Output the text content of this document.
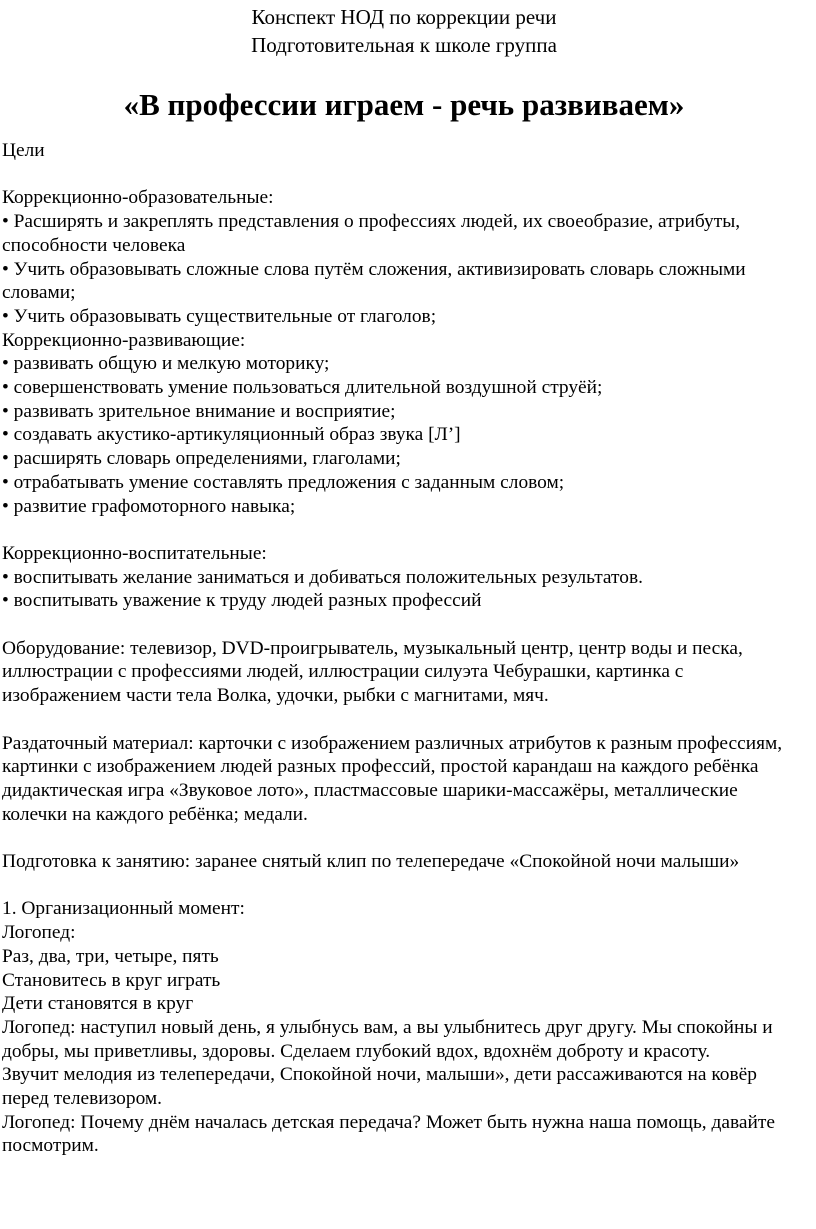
Конспект НОД по коррекции речи

Подготовительная к школе группа

«В профессии играем - речь развиваем»

Цели

Коррекционно-образовательные:

• Расширять и закреплять представления о профессиях людей, их своеобразие, атрибуты, способности человека

• Учить образовывать сложные слова путём сложения, активизировать словарь сложными словами;

• Учить образовывать существительные от глаголов;

Коррекционно-развивающие:

• развивать общую и мелкую моторику;

• совершенствовать умение пользоваться длительной воздушной струёй;

• развивать зрительное внимание и восприятие;

• создавать акустико-артикуляционный образ звука [Л’]

• расширять словарь определениями, глаголами;

• отрабатывать умение составлять предложения с заданным словом;

• развитие графомоторного навыка;

Коррекционно-воспитательные:

• воспитывать желание заниматься и добиваться положительных результатов.

• воспитывать уважение к труду людей разных профессий

Оборудование: телевизор, DVD-проигрыватель, музыкальный центр, центр воды и песка, иллюстрации с профессиями людей, иллюстрации силуэта Чебурашки, картинка с изображением части тела Волка, удочки, рыбки с магнитами, мяч.

Раздаточный материал: карточки с изображением различных атрибутов к разным профессиям, картинки с изображением людей разных профессий, простой карандаш на каждого ребёнка дидактическая игра «Звуковое лото», пластмассовые шарики-массажёры, металлические колечки на каждого ребёнка; медали.

Подготовка к занятию: заранее снятый клип по телепередаче «Спокойной ночи малыши»

1. Организационный момент:

Логопед:

Раз, два, три, четыре, пять

Становитесь в круг играть

Дети становятся в круг

Логопед: наступил новый день, я улыбнусь вам, а вы улыбнитесь друг другу. Мы спокойны и добры, мы приветливы, здоровы. Сделаем глубокий вдох, вдохнём доброту и красоту.

Звучит мелодия из телепередачи, Спокойной ночи, малыши», дети рассаживаются на ковёр перед телевизором.

Логопед: Почему днём началась детская передача? Может быть нужна наша помощь, давайте посмотрим.
